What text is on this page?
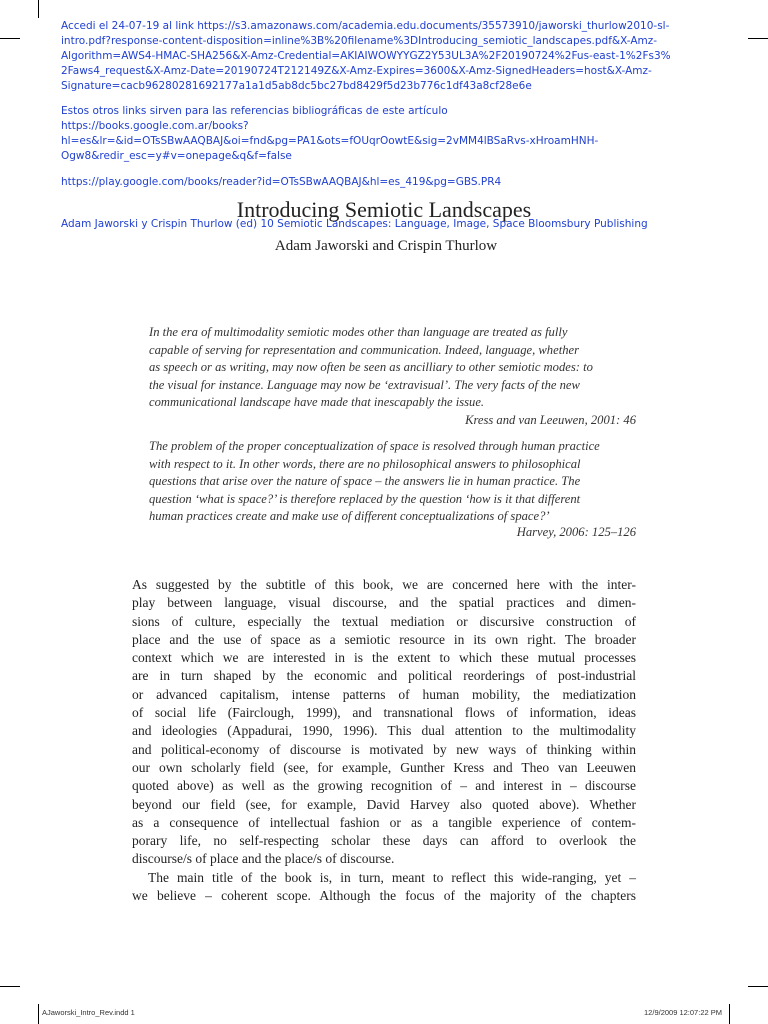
Accedi el 24-07-19 al link https://s3.amazonaws.com/academia.edu.documents/35573910/jaworski_thurlow2010-sl-
intro.pdf?response-content-disposition=inline%3B%20filename%3DIntroducing_semiotic_landscapes.pdf&X-Amz-
Algorithm=AWS4-HMAC-SHA256&X-Amz-Credential=AKIAIWOWYYGZ2Y53UL3A%2F20190724%2Fus-east-1%2Fs3%
2Faws4_request&X-Amz-Date=20190724T212149Z&X-Amz-Expires=3600&X-Amz-SignedHeaders=host&X-Amz-
Signature=cacb96280281692177a1a1d5ab8dc5bc27bd8429f5d23b776c1df43a8cf28e6e
Estos otros links sirven para las referencias bibliográficas de este artículo
https://books.google.com.ar/books?
hl=es&lr=&id=OTsSBwAAQBAJ&oi=fnd&pg=PA1&ots=fOUqrOowtE&sig=2vMM4lBSaRvs-xHroamHNH-
Ogw8&redir_esc=y#v=onepage&q&f=false
https://play.google.com/books/reader?id=OTsSBwAAQBAJ&hl=es_419&pg=GBS.PR4
Introducing Semiotic Landscapes
Adam Jaworski y Crispin Thurlow (ed) 10 Semiotic Landscapes: Language, Image, Space Bloomsbury Publishing
Adam Jaworski and Crispin Thurlow
In the era of multimodality semiotic modes other than language are treated as fully
capable of serving for representation and communication. Indeed, language, whether
as speech or as writing, may now often be seen as ancilliary to other semiotic modes: to
the visual for instance. Language may now be ‘extravisual’. The very facts of the new
communicational landscape have made that inescapably the issue.
Kress and van Leeuwen, 2001: 46
The problem of the proper conceptualization of space is resolved through human practice
with respect to it. In other words, there are no philosophical answers to philosophical
questions that arise over the nature of space – the answers lie in human practice. The
question ‘what is space?’ is therefore replaced by the question ‘how is it that different
human practices create and make use of different conceptualizations of space?’
Harvey, 2006: 125–126
As suggested by the subtitle of this book, we are concerned here with the inter-
play between language, visual discourse, and the spatial practices and dimen-
sions of culture, especially the textual mediation or discursive construction of
place and the use of space as a semiotic resource in its own right. The broader
context which we are interested in is the extent to which these mutual processes
are in turn shaped by the economic and political reorderings of post-industrial
or advanced capitalism, intense patterns of human mobility, the mediatization
of social life (Fairclough, 1999), and transnational flows of information, ideas
and ideologies (Appadurai, 1990, 1996). This dual attention to the multimodality
and political-economy of discourse is motivated by new ways of thinking within
our own scholarly field (see, for example, Gunther Kress and Theo van Leeuwen
quoted above) as well as the growing recognition of – and interest in – discourse
beyond our field (see, for example, David Harvey also quoted above). Whether
as a consequence of intellectual fashion or as a tangible experience of contem-
porary life, no self-respecting scholar these days can afford to overlook the
discourse/s of place and the place/s of discourse.
The main title of the book is, in turn, meant to reflect this wide-ranging, yet –
we believe – coherent scope. Although the focus of the majority of the chapters
AJaworski_Intro_Rev.indd 1	12/9/2009 12:07:22 PM
